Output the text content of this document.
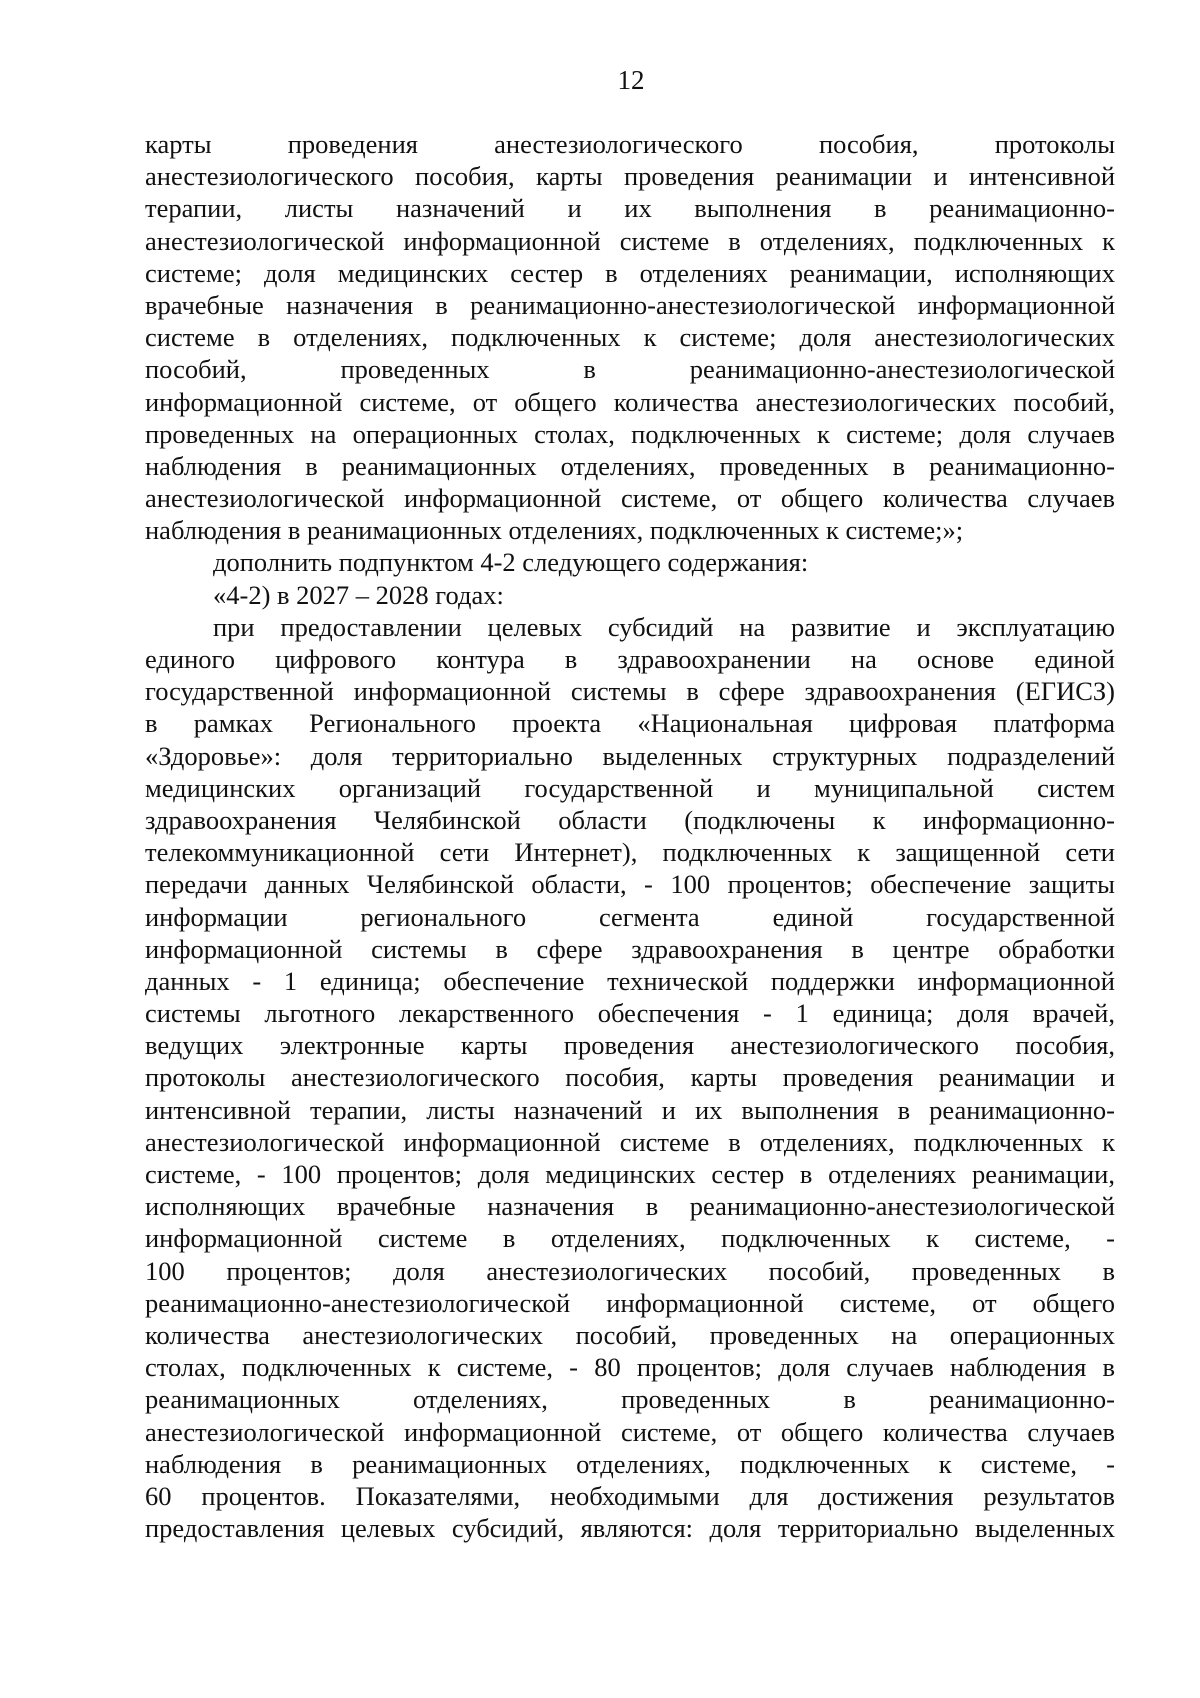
12
карты проведения анестезиологического пособия, протоколы
анестезиологического пособия, карты проведения реанимации и интенсивной
терапии, листы назначений и их выполнения в реанимационно-
анестезиологической информационной системе в отделениях, подключенных к
системе; доля медицинских сестер в отделениях реанимации, исполняющих
врачебные назначения в реанимационно-анестезиологической информационной
системе в отделениях, подключенных к системе; доля анестезиологических
пособий, проведенных в реанимационно-анестезиологической
информационной системе, от общего количества анестезиологических пособий,
проведенных на операционных столах, подключенных к системе; доля случаев
наблюдения в реанимационных отделениях, проведенных в реанимационно-
анестезиологической информационной системе, от общего количества случаев
наблюдения в реанимационных отделениях, подключенных к системе;»;
дополнить подпунктом 4-2 следующего содержания:
«4-2) в 2027 – 2028 годах:
при предоставлении целевых субсидий на развитие и эксплуатацию
единого цифрового контура в здравоохранении на основе единой
государственной информационной системы в сфере здравоохранения (ЕГИСЗ)
в рамках Регионального проекта «Национальная цифровая платформа
«Здоровье»: доля территориально выделенных структурных подразделений
медицинских организаций государственной и муниципальной систем
здравоохранения Челябинской области (подключены к информационно-
телекоммуникационной сети Интернет), подключенных к защищенной сети
передачи данных Челябинской области, - 100 процентов; обеспечение защиты
информации регионального сегмента единой государственной
информационной системы в сфере здравоохранения в центре обработки
данных - 1 единица; обеспечение технической поддержки информационной
системы льготного лекарственного обеспечения - 1 единица; доля врачей,
ведущих электронные карты проведения анестезиологического пособия,
протоколы анестезиологического пособия, карты проведения реанимации и
интенсивной терапии, листы назначений и их выполнения в реанимационно-
анестезиологической информационной системе в отделениях, подключенных к
системе, - 100 процентов; доля медицинских сестер в отделениях реанимации,
исполняющих врачебные назначения в реанимационно-анестезиологической
информационной системе в отделениях, подключенных к системе, -
100 процентов; доля анестезиологических пособий, проведенных в
реанимационно-анестезиологической информационной системе, от общего
количества анестезиологических пособий, проведенных на операционных
столах, подключенных к системе, - 80 процентов; доля случаев наблюдения в
реанимационных отделениях, проведенных в реанимационно-
анестезиологической информационной системе, от общего количества случаев
наблюдения в реанимационных отделениях, подключенных к системе, -
60 процентов. Показателями, необходимыми для достижения результатов
предоставления целевых субсидий, являются: доля территориально выделенных
